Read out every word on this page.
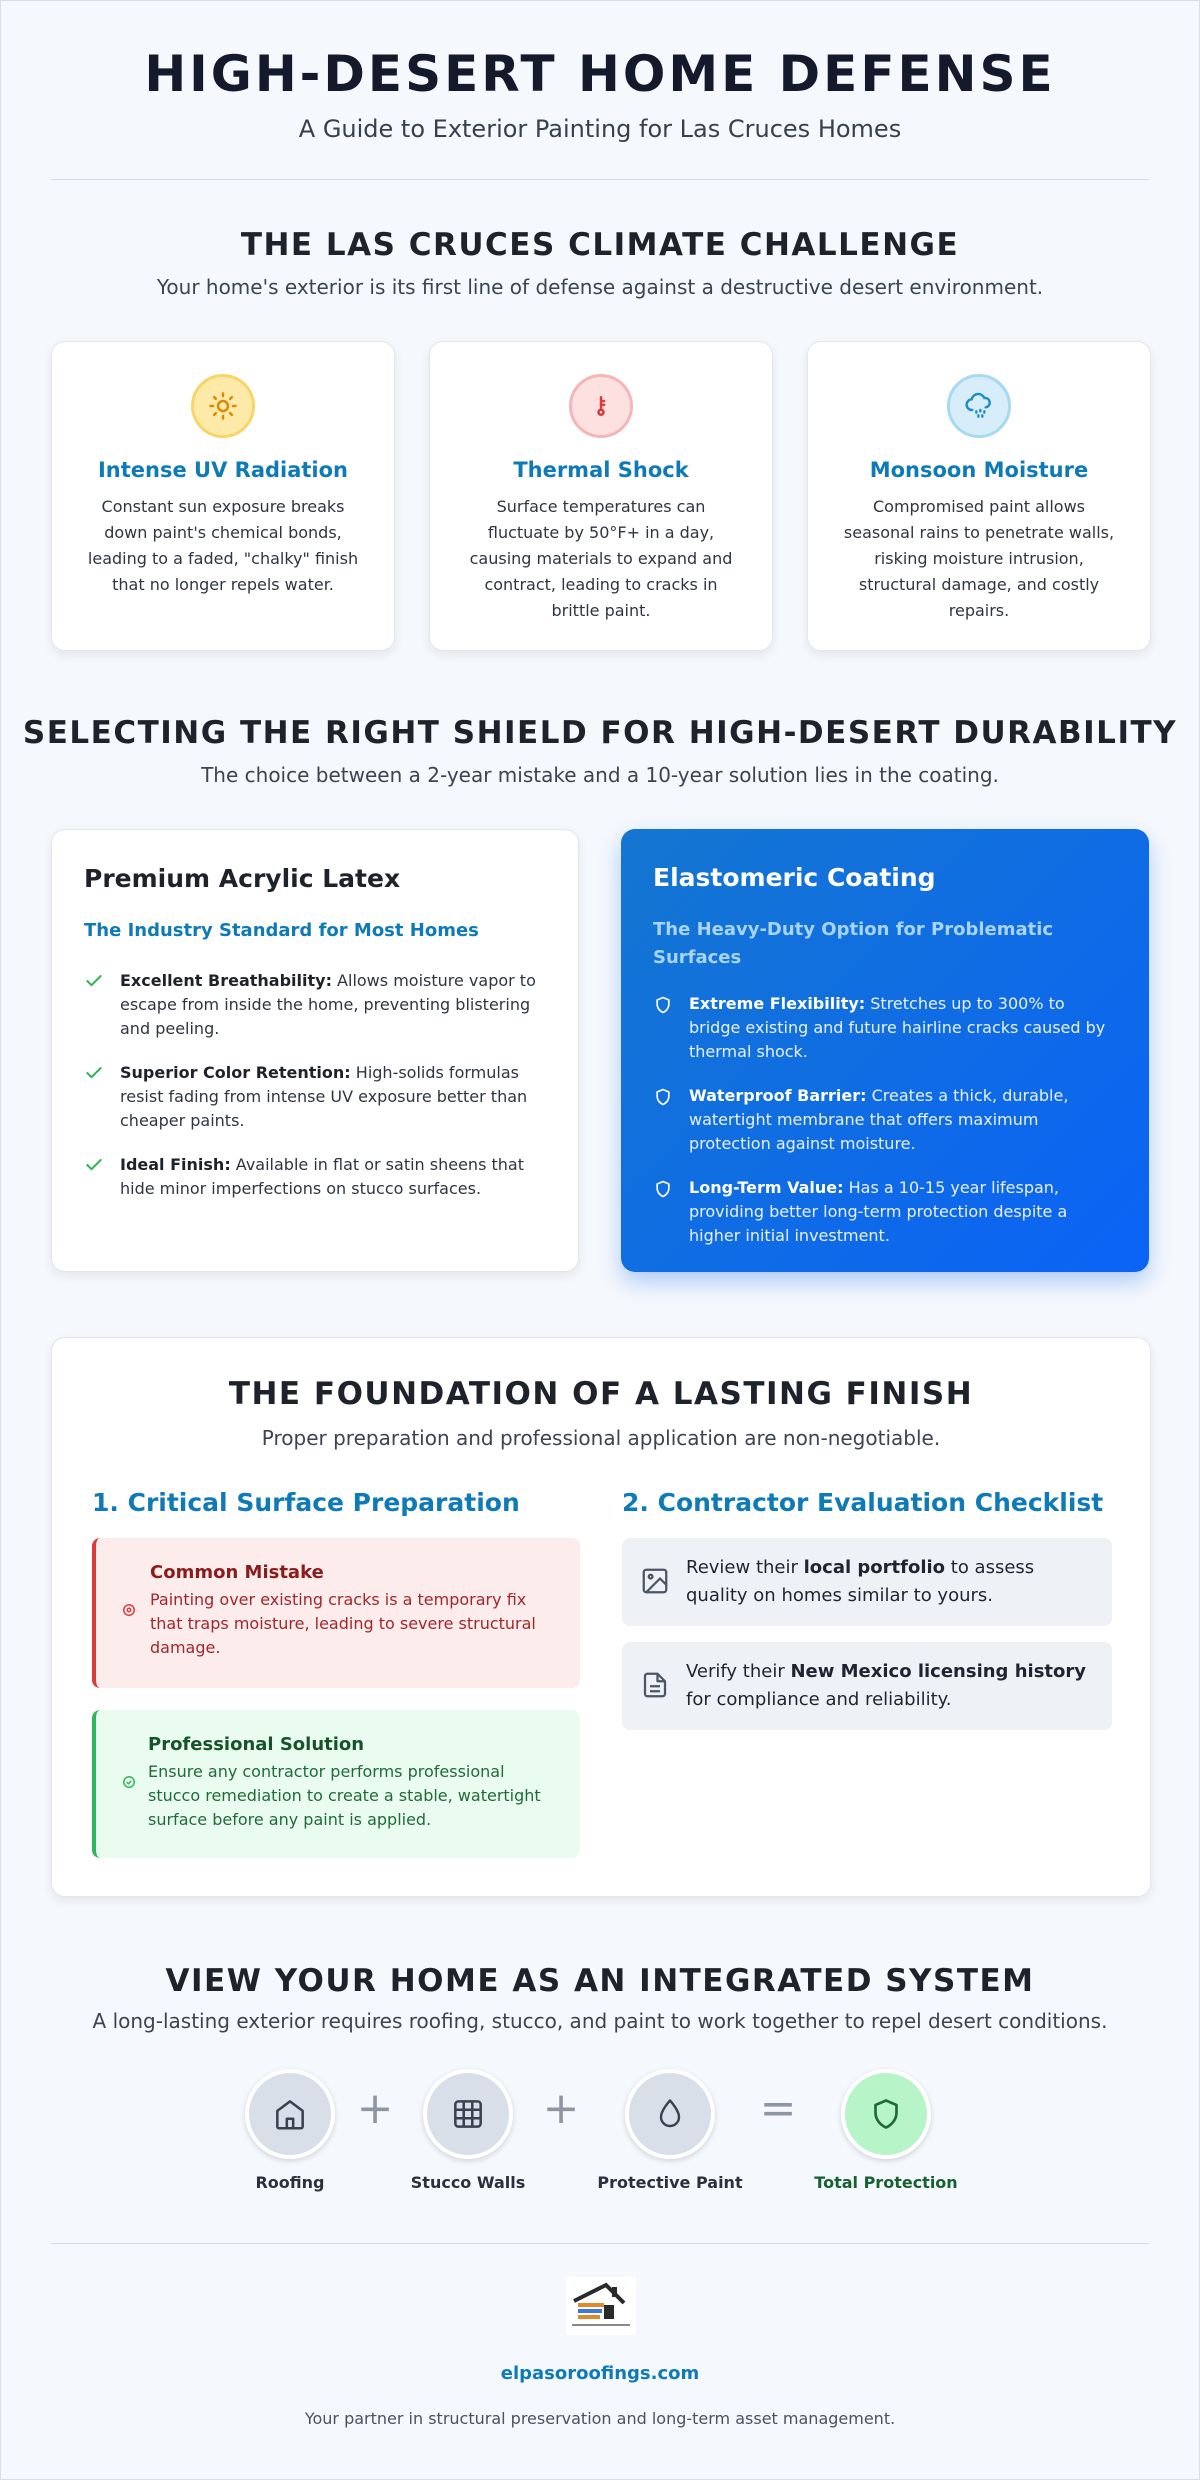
HIGH-DESERT HOME DEFENSE
A Guide to Exterior Painting for Las Cruces Homes
THE LAS CRUCES CLIMATE CHALLENGE
Your home's exterior is its first line of defense against a destructive desert environment.
Intense UV Radiation

Constant sun exposure breaks down paint's chemical bonds, leading to a faded, "chalky" finish that no longer repels water.

Thermal Shock

Surface temperatures can fluctuate by 50°F+ in a day, causing materials to expand and contract, leading to cracks in brittle paint.

Monsoon Moisture

Compromised paint allows seasonal rains to penetrate walls, risking moisture intrusion, structural damage, and costly repairs.

SELECTING THE RIGHT SHIELD FOR HIGH-DESERT DURABILITY
The choice between a 2-year mistake and a 10-year solution lies in the coating.
Premium Acrylic Latex
The Industry Standard for Most Homes
Excellent Breathability: Allows moisture vapor to escape from inside the home, preventing blistering and peeling.
Superior Color Retention: High-solids formulas resist fading from intense UV exposure better than cheaper paints.
Ideal Finish: Available in flat or satin sheens that hide minor imperfections on stucco surfaces.
Elastomeric Coating
The Heavy-Duty Option for Problematic Surfaces
Extreme Flexibility: Stretches up to 300% to bridge existing and future hairline cracks caused by thermal shock.
Waterproof Barrier: Creates a thick, durable, watertight membrane that offers maximum protection against moisture.
Long-Term Value: Has a 10-15 year lifespan, providing better long-term protection despite a higher initial investment.
THE FOUNDATION OF A LASTING FINISH
Proper preparation and professional application are non-negotiable.
1. Critical Surface Preparation
Common Mistake

Painting over existing cracks is a temporary fix that traps moisture, leading to severe structural damage.

Professional Solution

Ensure any contractor performs professional stucco remediation to create a stable, watertight surface before any paint is applied.

2. Contractor Evaluation Checklist
Review their local portfolio to assess quality on homes similar to yours.
Verify their New Mexico licensing history for compliance and reliability.
VIEW YOUR HOME AS AN INTEGRATED SYSTEM
A long-lasting exterior requires roofing, stucco, and paint to work together to repel desert conditions.
Roofing
+
Stucco Walls
+
Protective Paint
=
Total Protection
elpasoroofings.com
Your partner in structural preservation and long-term asset management.
